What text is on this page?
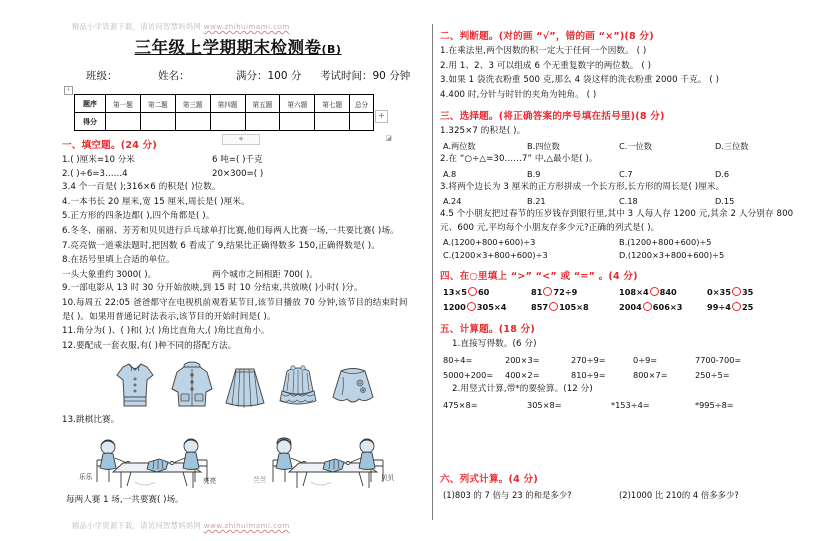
精品小学资源下载，请访问智慧妈妈网 www.zhihuimami.com
三年级上学期期末检测卷(B)
班级：	姓名：	满分：100 分	考试时间：90 分钟
✛
题序	第一题	第二题	第三题	第四题	第五题	第六题	第七题	总分
得分								
+
+	◪
一、填空题。(24 分)
1.( )厘米=10 分米	6 吨=( )千克
2.( )÷6=3……4	20×300=( )
3.4 个一百是( );316×6 的积是( )位数。
4.一本书长 20 厘米,宽 15 厘米,周长是( )厘米。
5.正方形的四条边都( ),四个角都是( )。
6.冬冬、丽丽、芳芳和贝贝进行乒乓球单打比赛,他们每两人比赛一场,一共要比赛( )场。
7.亮亮做一道乘法题时,把因数 6 看成了 9,结果比正确得数多 150,正确得数是( )。
8.在括号里填上合适的单位。
一头大象重约 3000( )。	两个城市之间相距 700( )。
9.一部电影从 13 时 30 分开始放映,到 15 时 10 分结束,共放映( )小时( )分。
10.每周五 22:05 爸爸都守在电视机前观看某节目,该节目播放 70 分钟,该节目的结束时间是( )。如果用普通记时法表示,该节目的开始时间是( )。
11.角分为( )、( )和( );( )角比直角大,( )角比直角小。
12.要配成一套衣服,有( )种不同的搭配方法。
13.跳棋比赛。
乐乐	亮亮	兰兰	贝贝
每两人赛 1 场,一共要赛( )场。
二、判断题。(对的画 “√”，错的画 “×”)(8 分)
1.在乘法里,两个因数的积一定大于任何一个因数。 ( )
2.用 1、2、3 可以组成 6 个无重复数字的两位数。 ( )
3.如果 1 袋洗衣粉重 500 克,那么 4 袋这样的洗衣粉重 2000 千克。 ( )
4.400 时,分针与时针的夹角为钝角。 ( )
三、选择题。(将正确答案的序号填在括号里)(8 分)
1.325×7 的积是( )。
A.两位数	B.四位数	C.一位数	D.三位数
2.在 “○÷△=30……7” 中,△最小是( )。
A.8	B.9	C.7	D.6
3.将两个边长为 3 厘米的正方形拼成一个长方形,长方形的周长是( )厘米。
A.24	B.21	C.18	D.15
4.5 个小朋友把过春节的压岁钱存到银行里,其中 3 人每人存 1200 元,其余 2 人分别存 800 元、600 元,平均每个小朋友存多少元?正确的列式是( )。
A.(1200+800+600)÷3	B.(1200+800+600)÷5
C.(1200×3+800+600)÷3	D.(1200×3+800+600)÷5
四、在○里填上 “>” “<” 或 “=” 。(4 分)
13×5 60	81 72÷9	108×4 840	0×35 35
1200 305×4	857 105×8	2004 606×3	99÷4 25
五、计算题。(18 分)
1.直接写得数。(6 分)
80÷4=	200×3=	270÷9=	0÷9=	7700-700=
5000+200=	400×2=	810÷9=	800×7=	250÷5=
2.用竖式计算,带*的要验算。(12 分)
475×8=	305×8=	*153÷4=	*995÷8=
六、列式计算。(4 分)
(1)803 的 7 倍与 23 的和是多少?	(2)1000 比 210的 4 倍多多少?
精品小学资源下载，请访问智慧妈妈网 www.zhihuimami.com
